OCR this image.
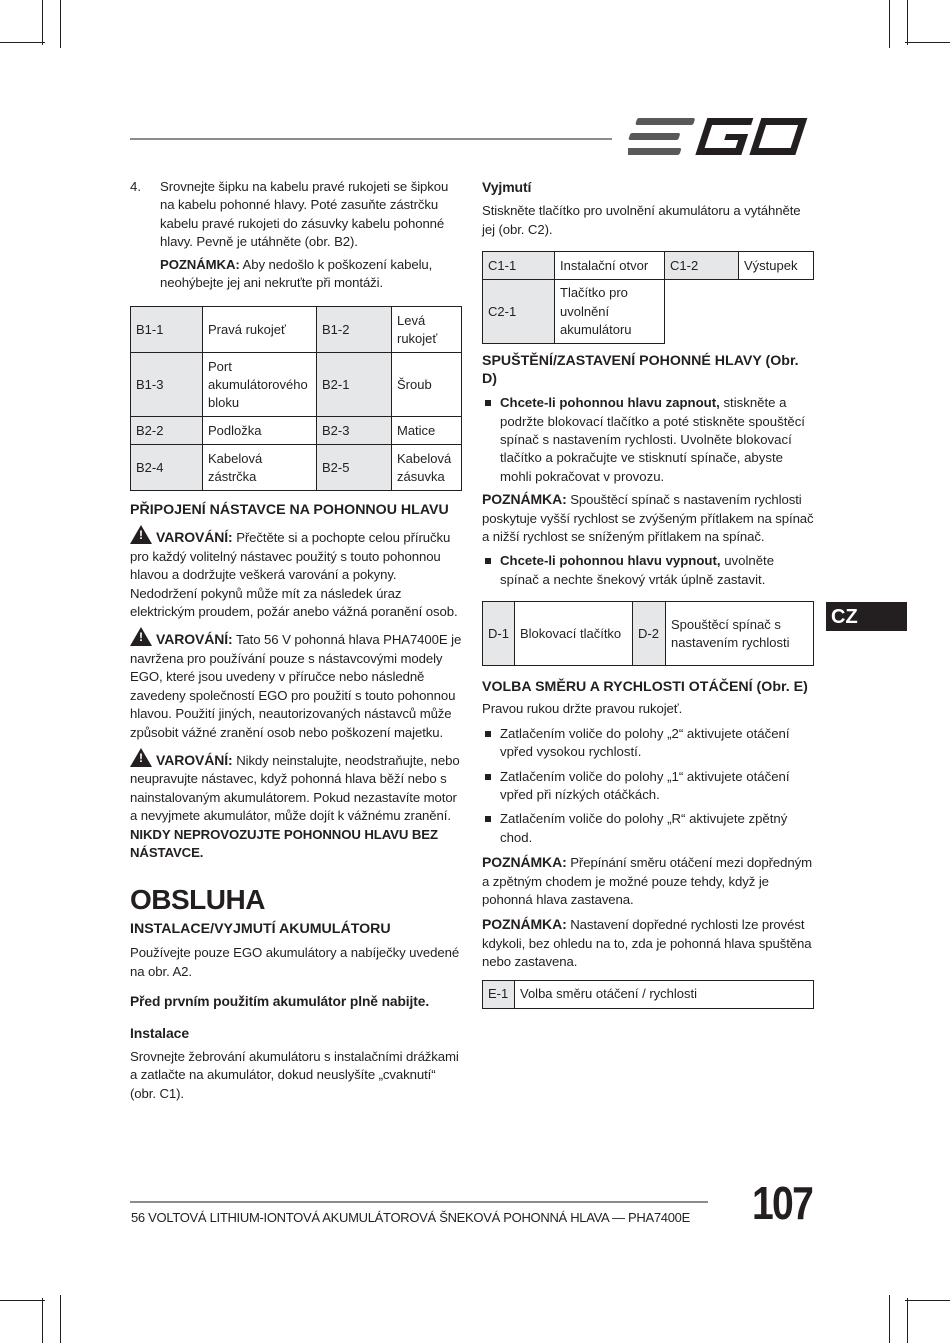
4. Srovnejte šipku na kabelu pravé rukojeti se šipkou na kabelu pohonné hlavy. Poté zasuňte zástrčku kabelu pravé rukojeti do zásuvky kabelu pohonné hlavy. Pevně je utáhněte (obr. B2).

POZNÁMKA: Aby nedošlo k poškození kabelu, neohýbejte jej ani nekruťte při montáži.

B1-1	Pravá rukojeť	B1-2	Levá rukojeť
B1-3	Port akumulátorového bloku	B2-1	Šroub
B2-2	Podložka	B2-3	Matice
B2-4	Kabelová zástrčka	B2-5	Kabelová zásuvka

PŘIPOJENÍ NÁSTAVCE NA POHONNOU HLAVU

! VAROVÁNÍ: Přečtěte si a pochopte celou příručku pro každý volitelný nástavec použitý s touto pohonnou hlavou a dodržujte veškerá varování a pokyny. Nedodržení pokynů může mít za následek úraz elektrickým proudem, požár anebo vážná poranění osob.

! VAROVÁNÍ: Tato 56 V pohonná hlava PHA7400E je navržena pro používání pouze s nástavcovými modely EGO, které jsou uvedeny v příručce nebo následně zavedeny společností EGO pro použití s touto pohonnou hlavou. Použití jiných, neautorizovaných nástavců může způsobit vážné zranění osob nebo poškození majetku.

! VAROVÁNÍ: Nikdy neinstalujte, neodstraňujte, nebo neupravujte nástavec, když pohonná hlava běží nebo s nainstalovaným akumulátorem. Pokud nezastavíte motor a nevyjmete akumulátor, může dojít k vážnému zranění. NIKDY NEPROVOZUJTE POHONNOU HLAVU BEZ NÁSTAVCE.

OBSLUHA

INSTALACE/VYJMUTÍ AKUMULÁTORU

Používejte pouze EGO akumulátory a nabíječky uvedené na obr. A2.

Před prvním použitím akumulátor plně nabijte.

Instalace

Srovnejte žebrování akumulátoru s instalačními drážkami a zatlačte na akumulátor, dokud neuslyšíte „cvaknutí“ (obr. C1).

Vyjmutí

Stiskněte tlačítko pro uvolnění akumulátoru a vytáhněte jej (obr. C2).

C1-1	Instalační otvor	C1-2	Výstupek
C2-1	Tlačítko pro uvolnění akumulátoru		

SPUŠTĚNÍ/ZASTAVENÍ POHONNÉ HLAVY (Obr. D)

Chcete-li pohonnou hlavu zapnout, stiskněte a podržte blokovací tlačítko a poté stiskněte spouštěcí spínač s nastavením rychlosti. Uvolněte blokovací tlačítko a pokračujte ve stisknutí spínače, abyste mohli pokračovat v provozu.

POZNÁMKA: Spouštěcí spínač s nastavením rychlosti poskytuje vyšší rychlost se zvýšeným přítlakem na spínač a nižší rychlost se sníženým přítlakem na spínač.

Chcete-li pohonnou hlavu vypnout, uvolněte spínač a nechte šnekový vrták úplně zastavit.

D-1	Blokovací tlačítko	D-2	Spouštěcí spínač s nastavením rychlosti

VOLBA SMĚRU A RYCHLOSTI OTÁČENÍ (Obr. E)

Pravou rukou držte pravou rukojeť.

Zatlačením voliče do polohy „2“ aktivujete otáčení vpřed vysokou rychlostí.

Zatlačením voliče do polohy „1“ aktivujete otáčení vpřed při nízkých otáčkách.

Zatlačením voliče do polohy „R“ aktivujete zpětný chod.

POZNÁMKA: Přepínání směru otáčení mezi dopředným a zpětným chodem je možné pouze tehdy, když je pohonná hlava zastavena.

POZNÁMKA: Nastavení dopředné rychlosti lze provést kdykoli, bez ohledu na to, zda je pohonná hlava spuštěna nebo zastavena.

E-1	Volba směru otáčení / rychlosti
CZ
56 VOLTOVÁ LITHIUM-IONTOVÁ AKUMULÁTOROVÁ ŠNEKOVÁ POHONNÁ HLAVA — PHA7400E	107
